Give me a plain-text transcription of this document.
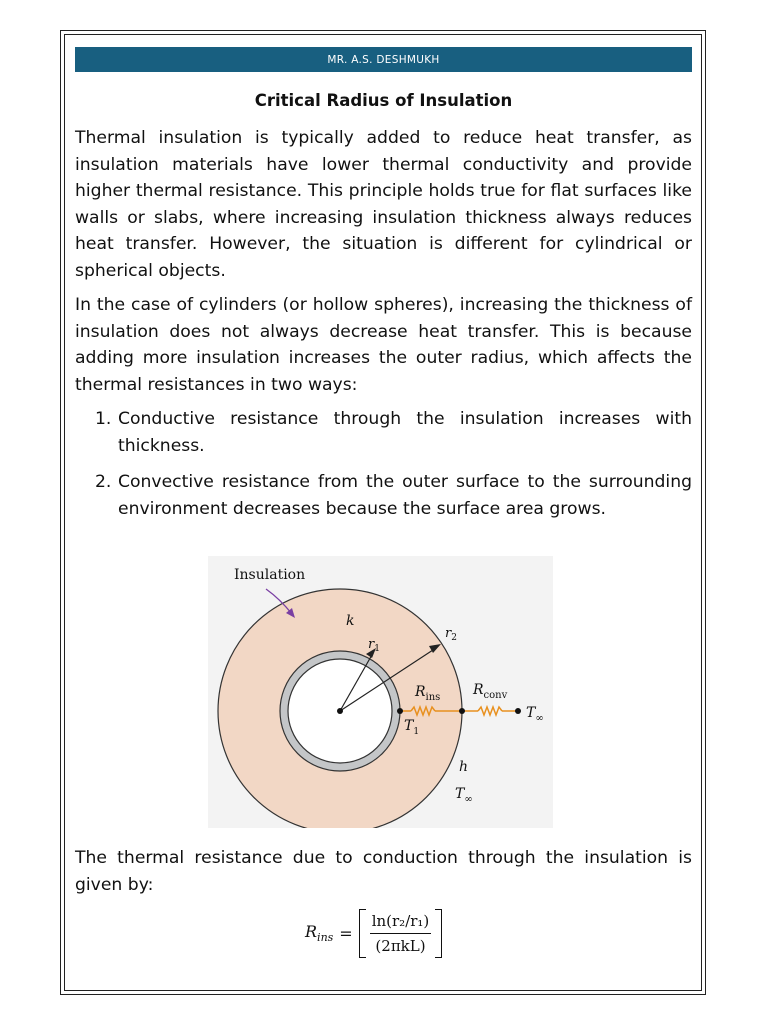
MR. A.S. DESHMUKH
Critical Radius of Insulation

Thermal insulation is typically added to reduce heat transfer, as insulation materials have lower thermal conductivity and provide higher thermal resistance. This principle holds true for flat surfaces like walls or slabs, where increasing insulation thickness always reduces heat transfer. However, the situation is different for cylindrical or spherical objects.

In the case of cylinders (or hollow spheres), increasing the thickness of insulation does not always decrease heat transfer. This is because adding more insulation increases the outer radius, which affects the thermal resistances in two ways:

1. Conductive resistance through the insulation increases with thickness.
2. Convective resistance from the outer surface to the surrounding environment decreases because the surface area grows.
Insulation
k
$r_1$
$r_2$
$R_{ins}$ $R_{conv}$
$T_1$
$T_\infty$
h
$T_\infty$

The thermal resistance due to conduction through the insulation is given by:

$R_{ins} = \frac{\text{ln(r₂/r₁)}}{\text{(2πkL)}}$
